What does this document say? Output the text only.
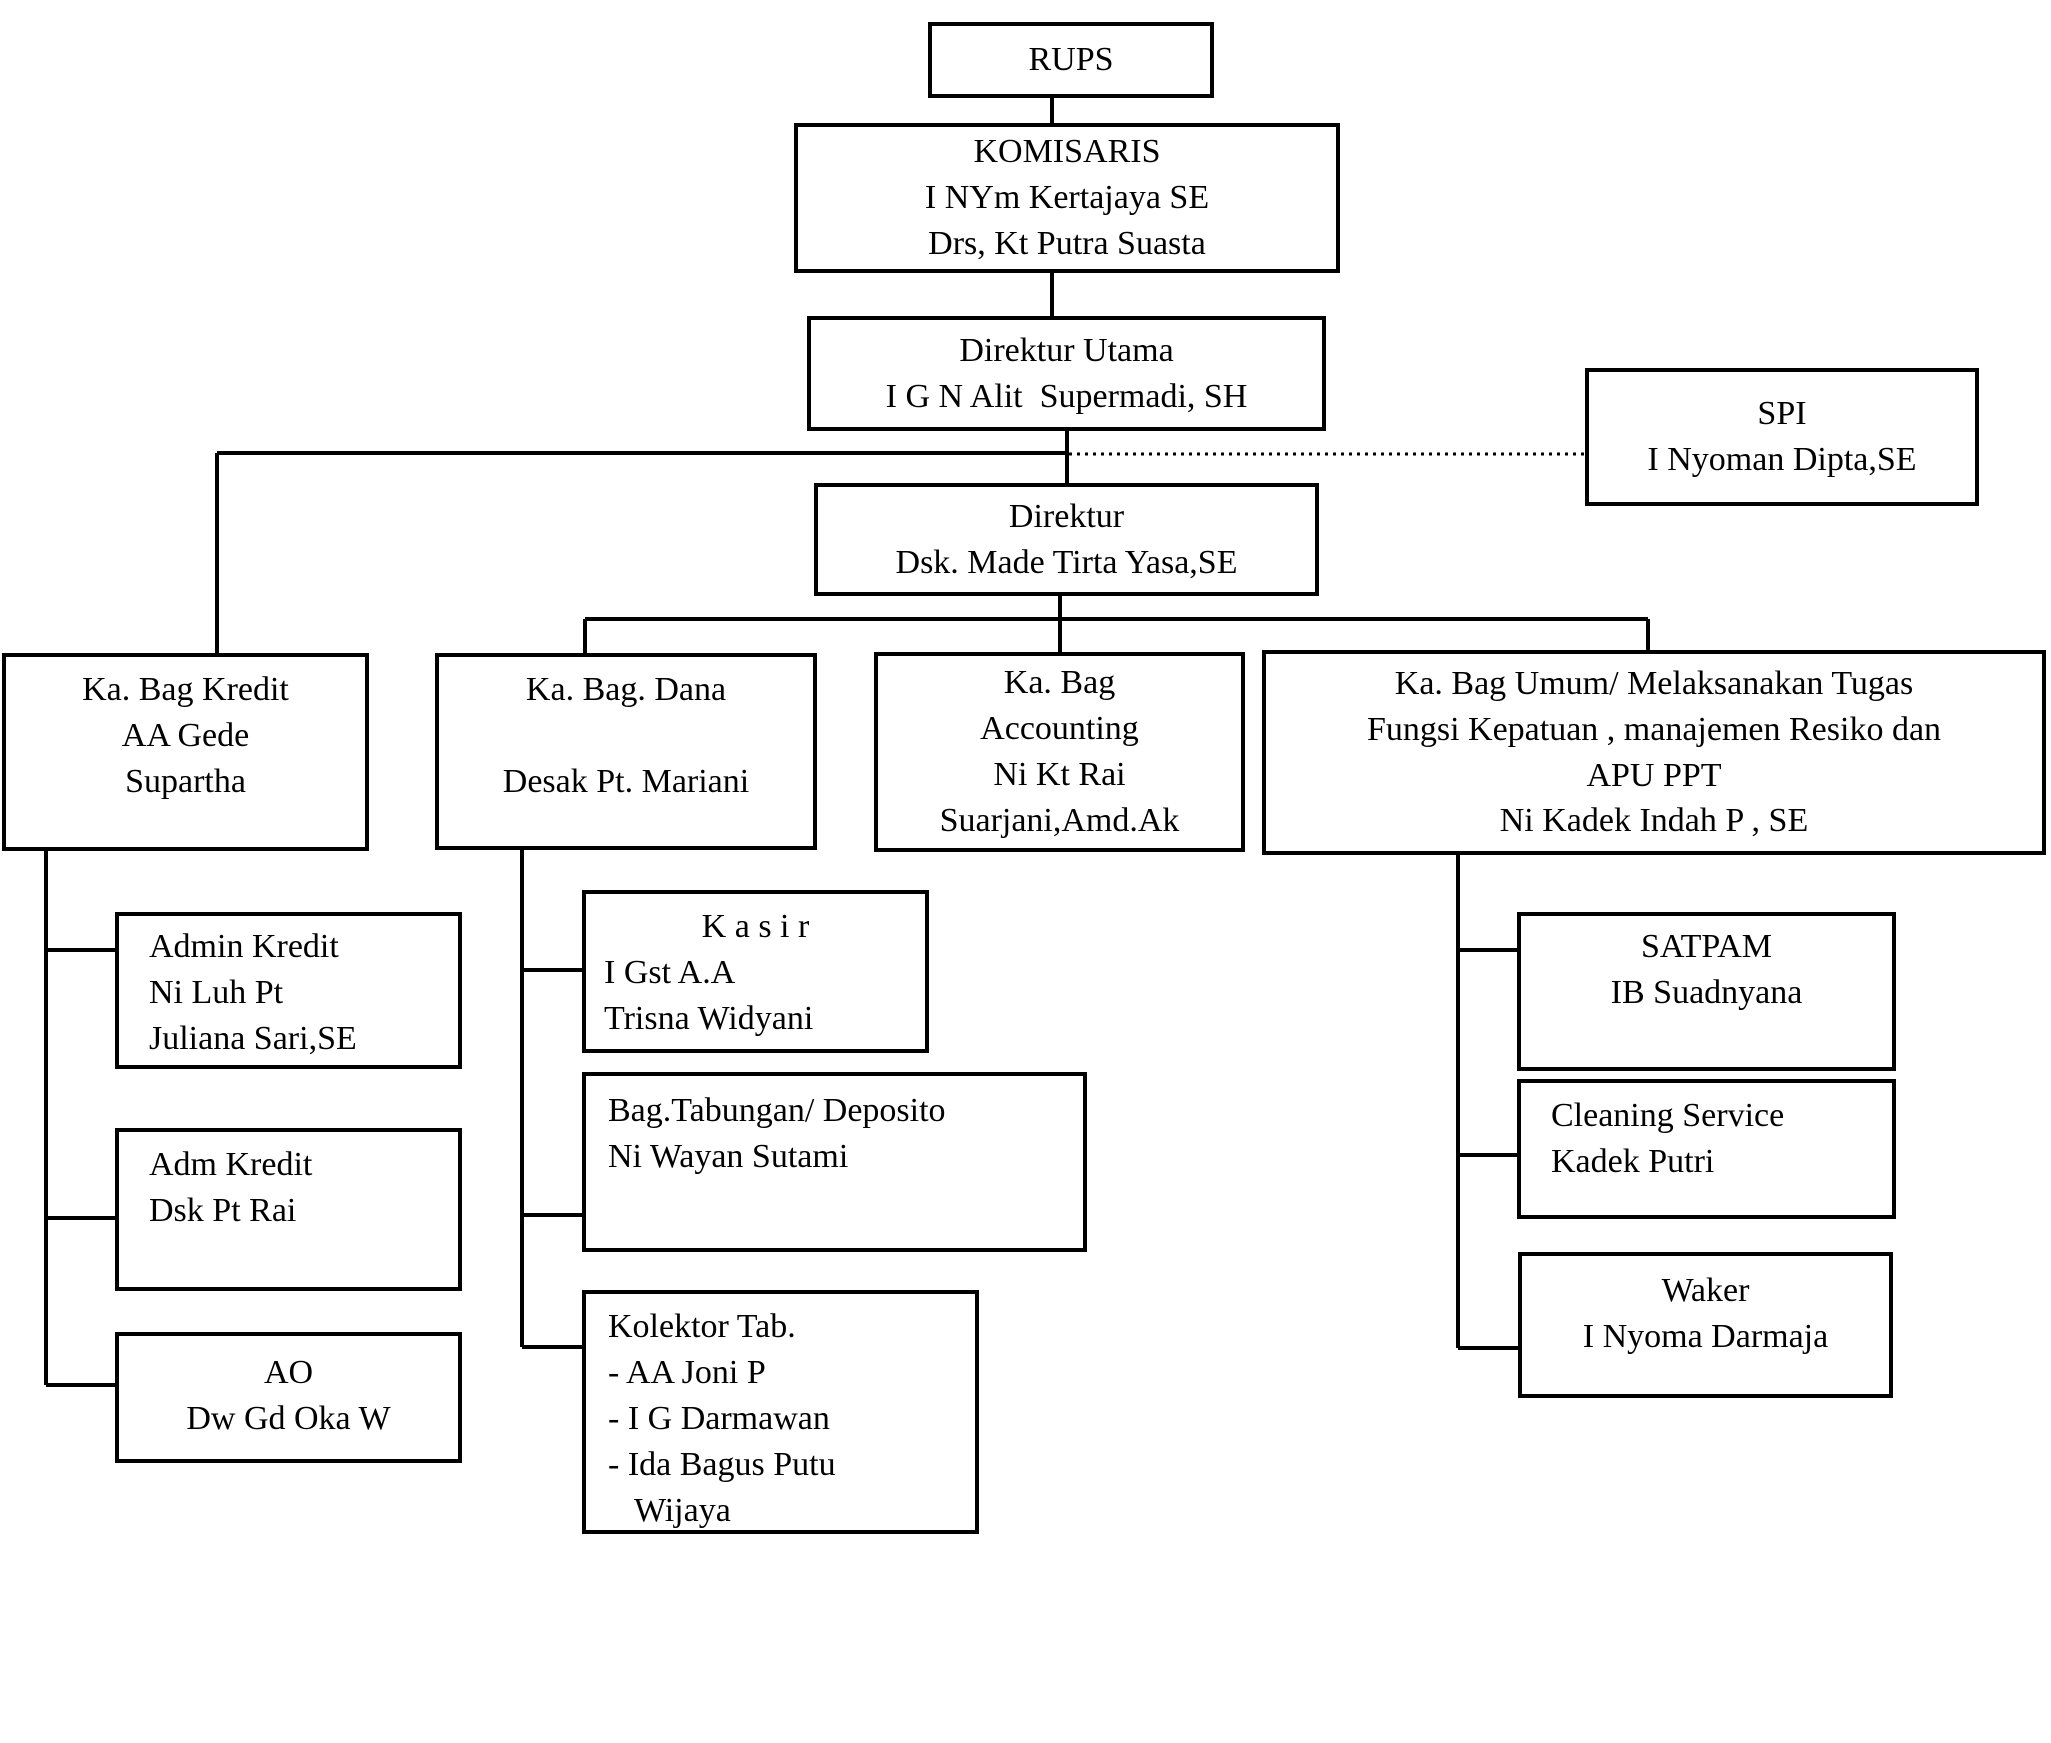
RUPS
KOMISARIS
I NYm Kertajaya SE
Drs, Kt Putra Suasta
Direktur Utama
I G N Alit  Supermadi, SH	SPI
I Nyoman Dipta,SE
Direktur
Dsk. Made Tirta Yasa,SE
Ka. Bag Kredit
AA Gede
Supartha
Ka. Bag. Dana
Desak Pt. Mariani
Ka. Bag
Accounting
Ni Kt Rai
Suarjani,Amd.Ak
Ka. Bag Umum/ Melaksanakan Tugas
Fungsi Kepatuan , manajemen Resiko dan
APU PPT
Ni Kadek Indah P , SE
Admin Kredit
Ni Luh Pt
Juliana Sari,SE
Adm Kredit
Dsk Pt Rai
AO
Dw Gd Oka W
K a s i r
I Gst A.A
Trisna Widyani
Bag.Tabungan/ Deposito
Ni Wayan Sutami
Kolektor Tab.
- AA Joni P
- I G Darmawan
- Ida Bagus Putu
Wijaya
SATPAM
IB Suadnyana
Cleaning Service
Kadek Putri
Waker
I Nyoma Darmaja
